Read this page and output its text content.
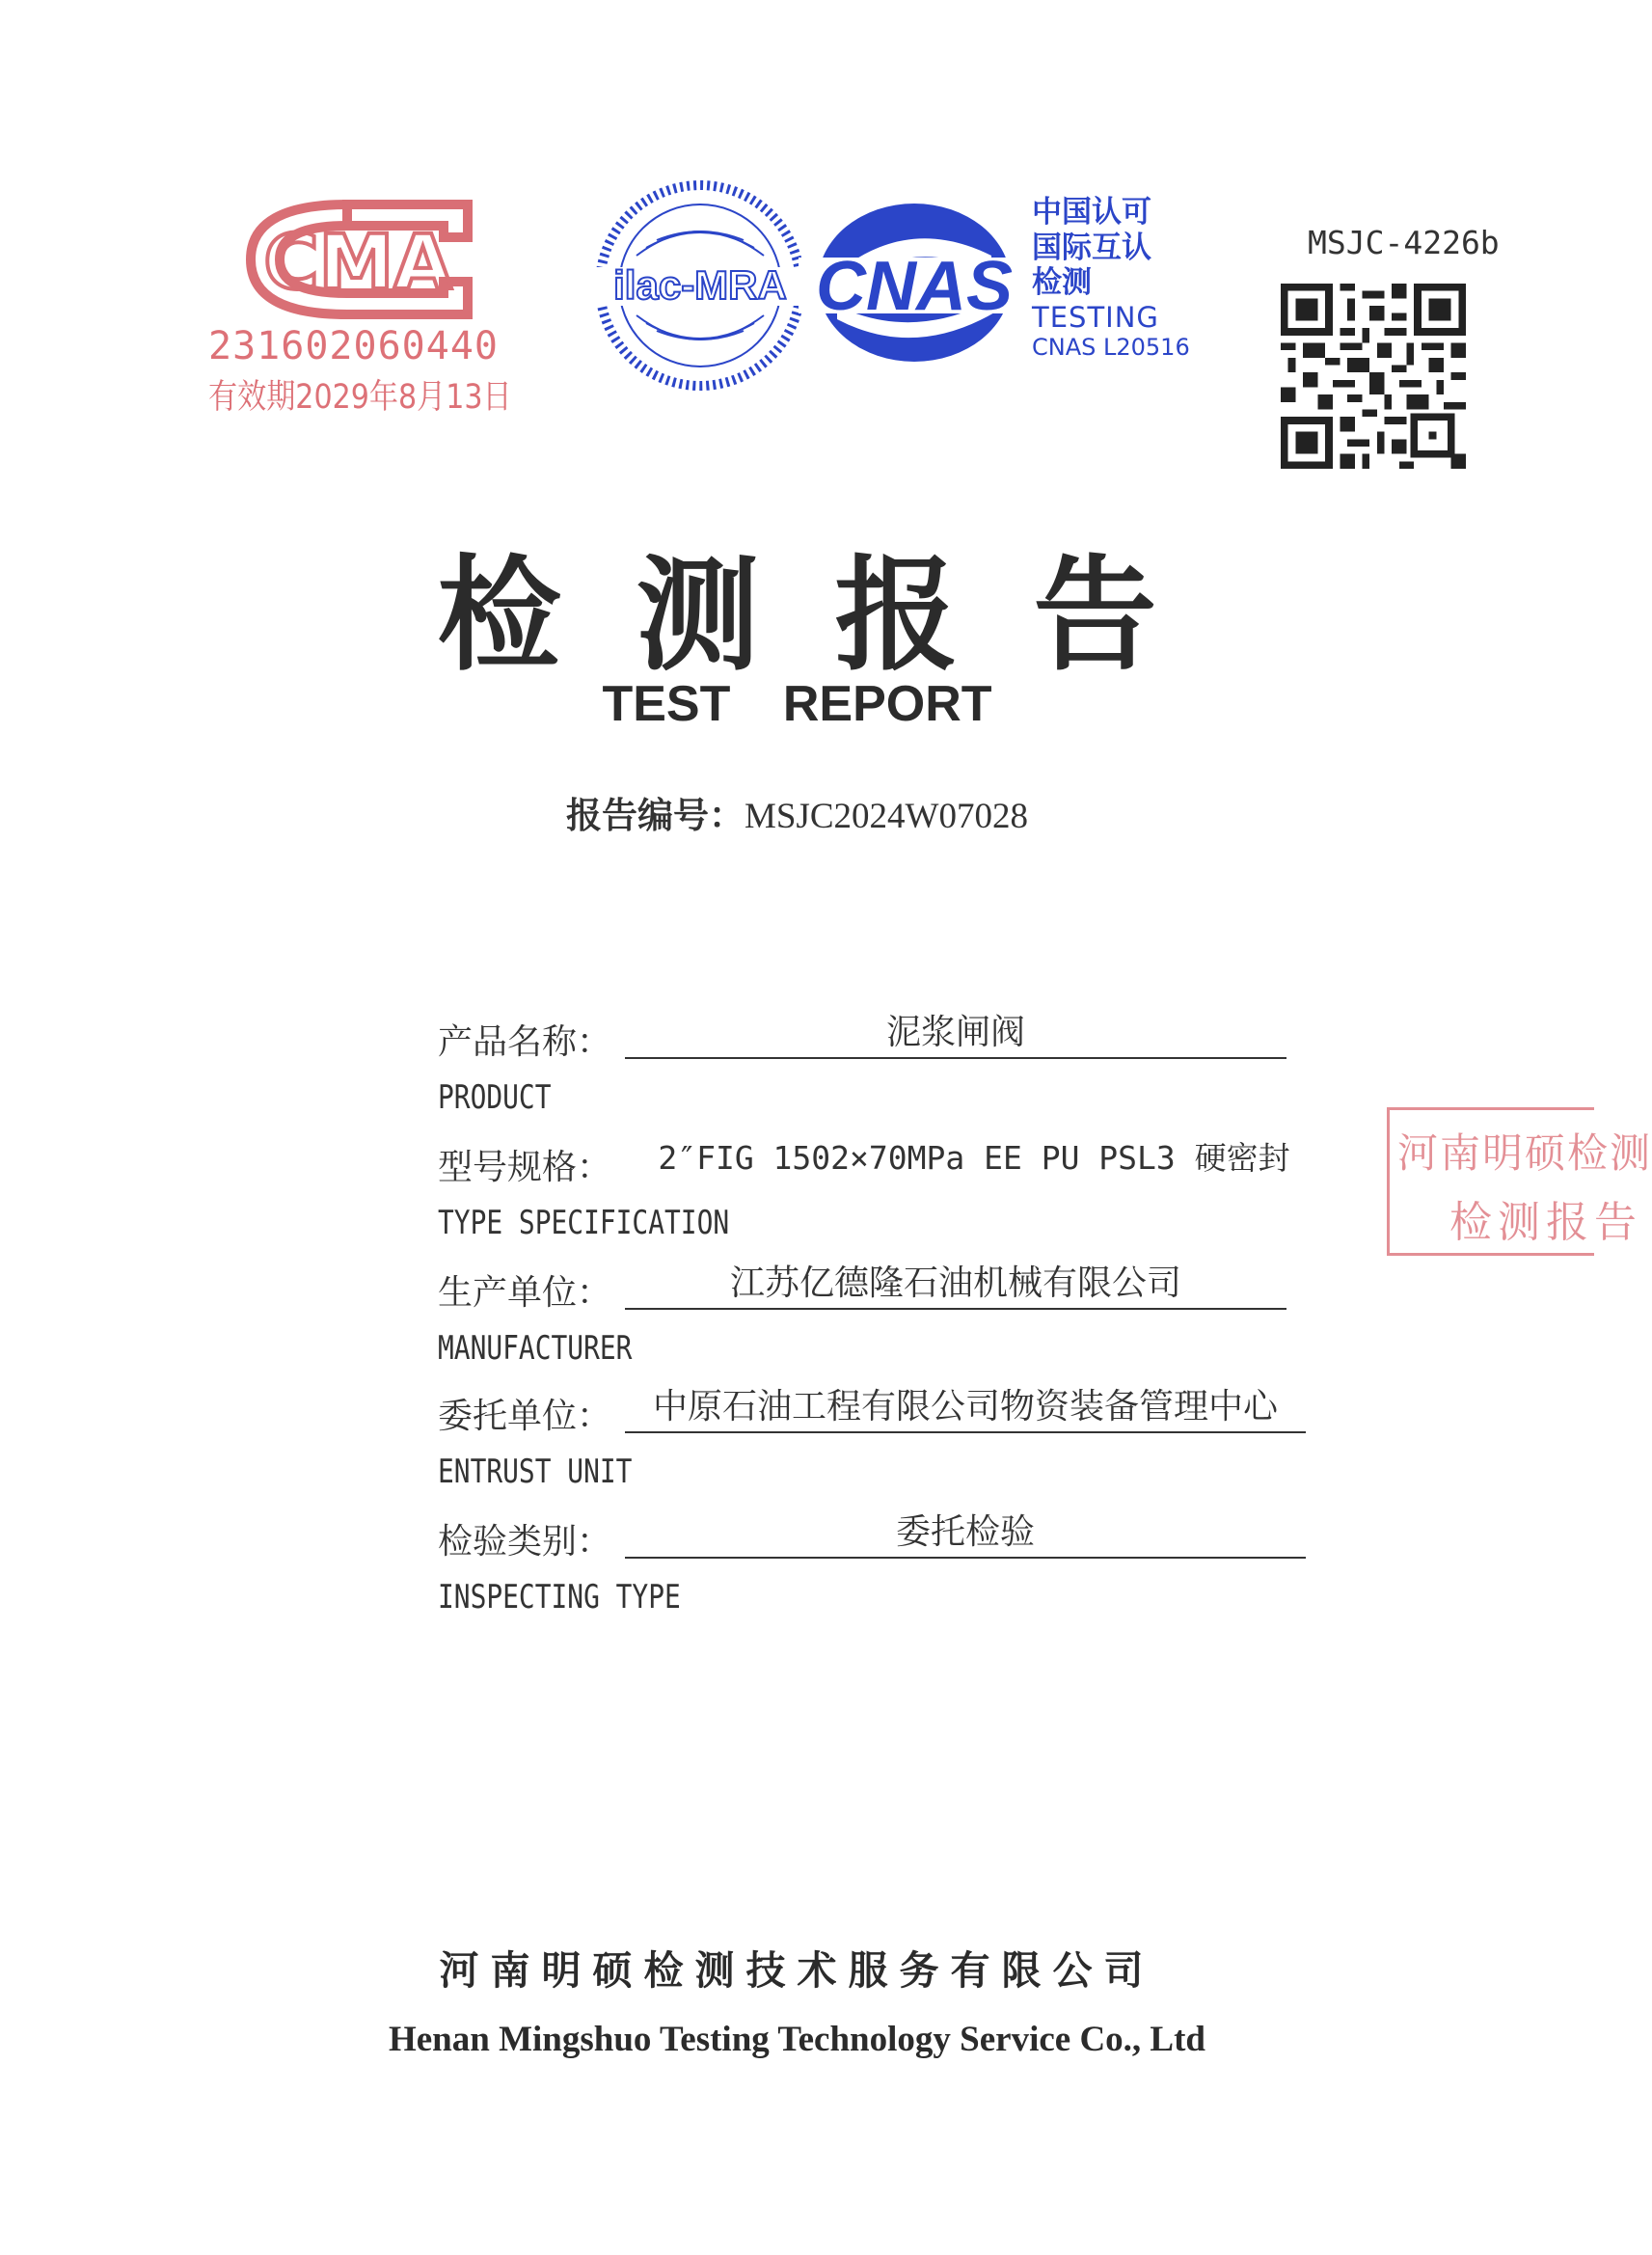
CMA
231602060440
有效期2029年8月13日
ilac-MRA CNAS
中国认可
国际互认
检测
TESTING
CNAS L20516
MSJC-4226b
检测报告
TEST REPORT
报告编号：MSJC2024W07028
产品名称：	泥浆闸阀
PRODUCT
型号规格：	2″FIG 1502×70MPa EE PU PSL3 硬密封
TYPE SPECIFICATION
生产单位：	江苏亿德隆石油机械有限公司
MANUFACTURER
委托单位：	中原石油工程有限公司物资装备管理中心
ENTRUST UNIT
检验类别：	委托检验
INSPECTING TYPE
河南明硕检测
检测报告
河南明硕检测技术服务有限公司
Henan Mingshuo Testing Technology Service Co., Ltd
